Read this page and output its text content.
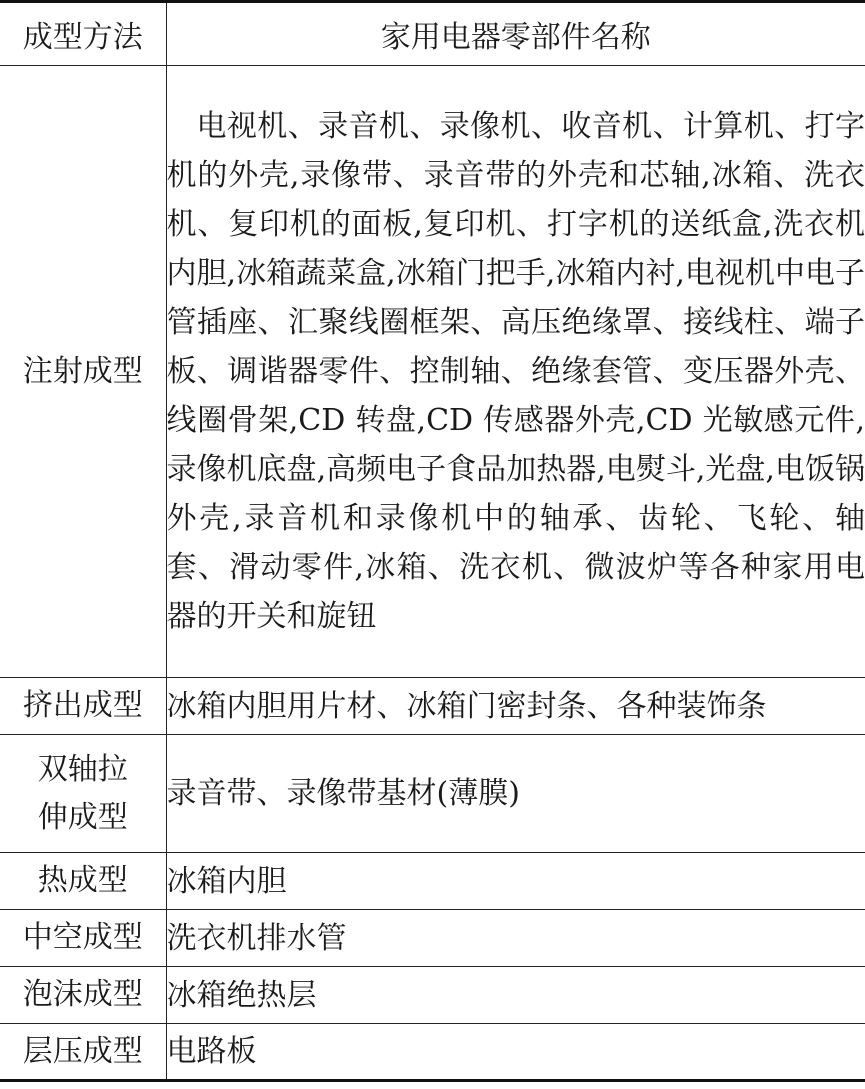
成型方法	家用电器零部件名称
注射成型	电视机、录音机、录像机、收音机、计算机、打字机的外壳,录像带、录音带的外壳和芯轴,冰箱、洗衣机、复印机的面板,复印机、打字机的送纸盒,洗衣机内胆,冰箱蔬菜盒,冰箱门把手,冰箱内衬,电视机中电子管插座、汇聚线圈框架、高压绝缘罩、接线柱、端子板、调谐器零件、控制轴、绝缘套管、变压器外壳、线圈骨架,CD 转盘,CD 传感器外壳,CD 光敏感元件,录像机底盘,高频电子食品加热器,电熨斗,光盘,电饭锅外壳,录音机和录像机中的轴承、齿轮、飞轮、轴套、滑动零件,冰箱、洗衣机、微波炉等各种家用电器的开关和旋钮

挤出成型	冰箱内胆用片材、冰箱门密封条、各种装饰条
双轴拉伸成型	录音带、录像带基材(薄膜)
热成型	冰箱内胆
中空成型	洗衣机排水管
泡沫成型	冰箱绝热层
层压成型	电路板
